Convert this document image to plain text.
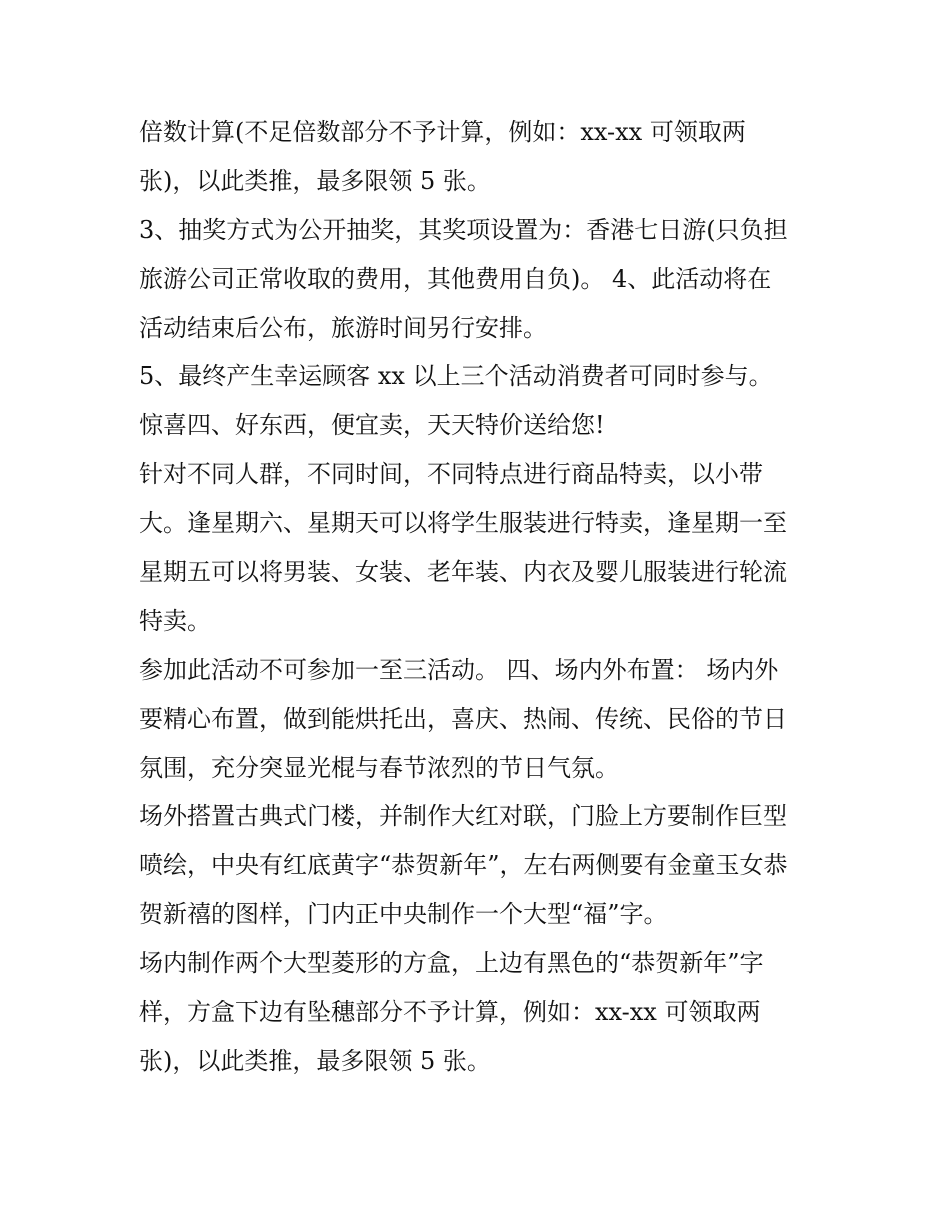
倍数计算(不足倍数部分不予计算，例如：xx-xx 可领取两
张)，以此类推，最多限领 5 张。
3、抽奖方式为公开抽奖，其奖项设置为：香港七日游(只负担
旅游公司正常收取的费用，其他费用自负)。 4、此活动将在
活动结束后公布，旅游时间另行安排。
5、最终产生幸运顾客 xx 以上三个活动消费者可同时参与。
惊喜四、好东西，便宜卖，天天特价送给您!
针对不同人群，不同时间，不同特点进行商品特卖，以小带
大。逢星期六、星期天可以将学生服装进行特卖，逢星期一至
星期五可以将男装、女装、老年装、内衣及婴儿服装进行轮流
特卖。
参加此活动不可参加一至三活动。 四、场内外布置： 场内外
要精心布置，做到能烘托出，喜庆、热闹、传统、民俗的节日
氛围，充分突显光棍与春节浓烈的节日气氛。
场外搭置古典式门楼，并制作大红对联，门脸上方要制作巨型
喷绘，中央有红底黄字“恭贺新年”，左右两侧要有金童玉女恭
贺新禧的图样，门内正中央制作一个大型“福”字。
场内制作两个大型菱形的方盒，上边有黑色的“恭贺新年”字
样，方盒下边有坠穗部分不予计算，例如：xx-xx 可领取两
张)，以此类推，最多限领 5 张。
